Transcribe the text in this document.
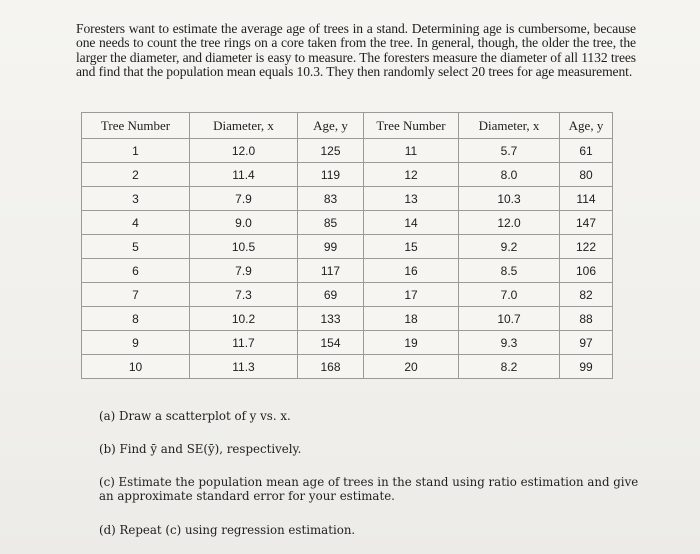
Foresters want to estimate the average age of trees in a stand. Determining age is cumbersome, because one needs to count the tree rings on a core taken from the tree. In general, though, the older the tree, the larger the diameter, and diameter is easy to measure. The foresters measure the diameter of all 1132 trees and find that the population mean equals 10.3. They then randomly select 20 trees for age measurement.

Tree Number	Diameter, x	Age, y	Tree Number	Diameter, x	Age, y
1	12.0	125	11	5.7	61
2	11.4	119	12	8.0	80
3	7.9	83	13	10.3	114
4	9.0	85	14	12.0	147
5	10.5	99	15	9.2	122
6	7.9	117	16	8.5	106
7	7.3	69	17	7.0	82
8	10.2	133	18	10.7	88
9	11.7	154	19	9.3	97
10	11.3	168	20	8.2	99

(a) Draw a scatterplot of y vs. x.

(b) Find ȳ and SE(ȳ), respectively.

(c) Estimate the population mean age of trees in the stand using ratio estimation and give an approximate standard error for your estimate.

(d) Repeat (c) using regression estimation.
